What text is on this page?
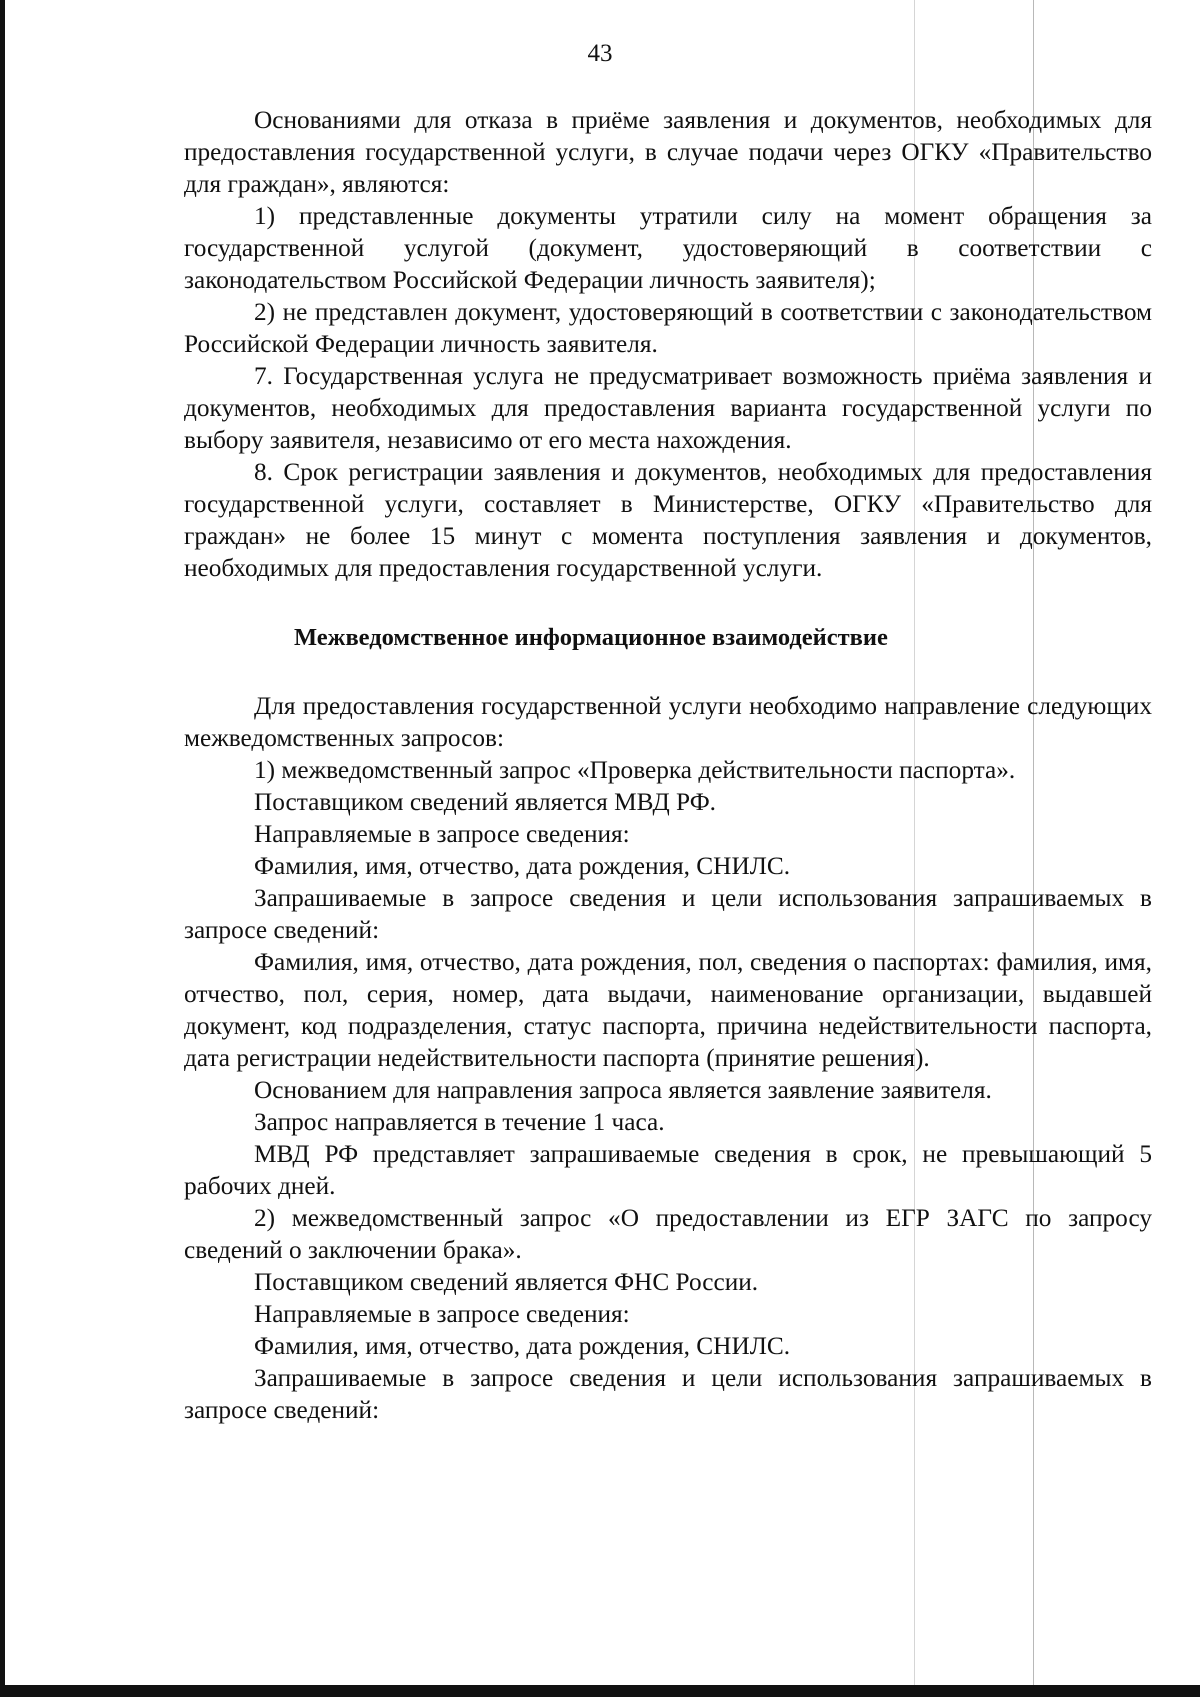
43

Основаниями для отказа в приёме заявления и документов, необходимых для предоставления государственной услуги, в случае подачи через ОГКУ «Правительство для граждан», являются:

1) представленные документы утратили силу на момент обращения за государственной услугой (документ, удостоверяющий в соответствии с законодательством Российской Федерации личность заявителя);

2) не представлен документ, удостоверяющий в соответствии с законодательством Российской Федерации личность заявителя.

7. Государственная услуга не предусматривает возможность приёма заявления и документов, необходимых для предоставления варианта государственной услуги по выбору заявителя, независимо от его места нахождения.

8. Срок регистрации заявления и документов, необходимых для предоставления государственной услуги, составляет в Министерстве, ОГКУ «Правительство для граждан» не более 15 минут с момента поступления заявления и документов, необходимых для предоставления государственной услуги.

Межведомственное информационное взаимодействие

Для предоставления государственной услуги необходимо направление следующих межведомственных запросов:

1) межведомственный запрос «Проверка действительности паспорта».

Поставщиком сведений является МВД РФ.

Направляемые в запросе сведения:

Фамилия, имя, отчество, дата рождения, СНИЛС.

Запрашиваемые в запросе сведения и цели использования запрашиваемых в запросе сведений:

Фамилия, имя, отчество, дата рождения, пол, сведения о паспортах: фамилия, имя, отчество, пол, серия, номер, дата выдачи, наименование организации, выдавшей документ, код подразделения, статус паспорта, причина недействительности паспорта, дата регистрации недействительности паспорта (принятие решения).

Основанием для направления запроса является заявление заявителя.

Запрос направляется в течение 1 часа.

МВД РФ представляет запрашиваемые сведения в срок, не превышающий 5 рабочих дней.

2) межведомственный запрос «О предоставлении из ЕГР ЗАГС по запросу сведений о заключении брака».

Поставщиком сведений является ФНС России.

Направляемые в запросе сведения:

Фамилия, имя, отчество, дата рождения, СНИЛС.

Запрашиваемые в запросе сведения и цели использования запрашиваемых в запросе сведений:
